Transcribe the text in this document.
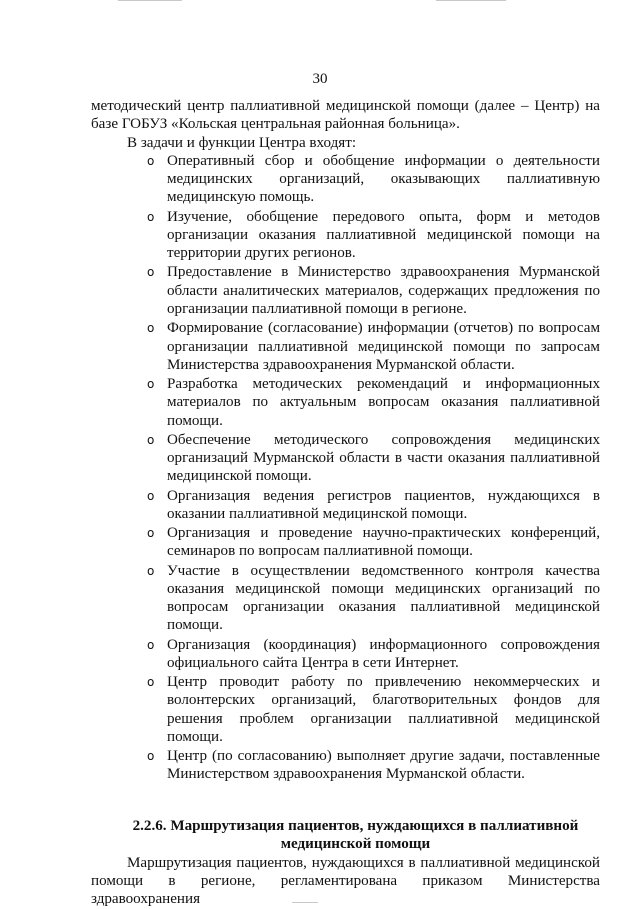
30

методический центр паллиативной медицинской помощи (далее – Центр) на базе ГОБУЗ «Кольская центральная районная больница».

В задачи и функции Центра входят:

o Оперативный сбор и обобщение информации о деятельности медицинских организаций, оказывающих паллиативную медицинскую помощь.
o Изучение, обобщение передового опыта, форм и методов организации оказания паллиативной медицинской помощи на территории других регионов.
o Предоставление в Министерство здравоохранения Мурманской области аналитических материалов, содержащих предложения по организации паллиативной помощи в регионе.
o Формирование (согласование) информации (отчетов) по вопросам организации паллиативной медицинской помощи по запросам Министерства здравоохранения Мурманской области.
o Разработка методических рекомендаций и информационных материалов по актуальным вопросам оказания паллиативной помощи.
o Обеспечение методического сопровождения медицинских организаций Мурманской области в части оказания паллиативной медицинской помощи.
o Организация ведения регистров пациентов, нуждающихся в оказании паллиативной медицинской помощи.
o Организация и проведение научно-практических конференций, семинаров по вопросам паллиативной помощи.
o Участие в осуществлении ведомственного контроля качества оказания медицинской помощи медицинских организаций по вопросам организации оказания паллиативной медицинской помощи.
o Организация (координация) информационного сопровождения официального сайта Центра в сети Интернет.
o Центр проводит работу по привлечению некоммерческих и волонтерских организаций, благотворительных фондов для решения проблем организации паллиативной медицинской помощи.
o Центр (по согласованию) выполняет другие задачи, поставленные Министерством здравоохранения Мурманской области.
2.2.6. Маршрутизация пациентов, нуждающихся в паллиативной
медицинской помощи

Маршрутизация пациентов, нуждающихся в паллиативной медицинской помощи в регионе, регламентирована приказом Министерства здравоохранения
